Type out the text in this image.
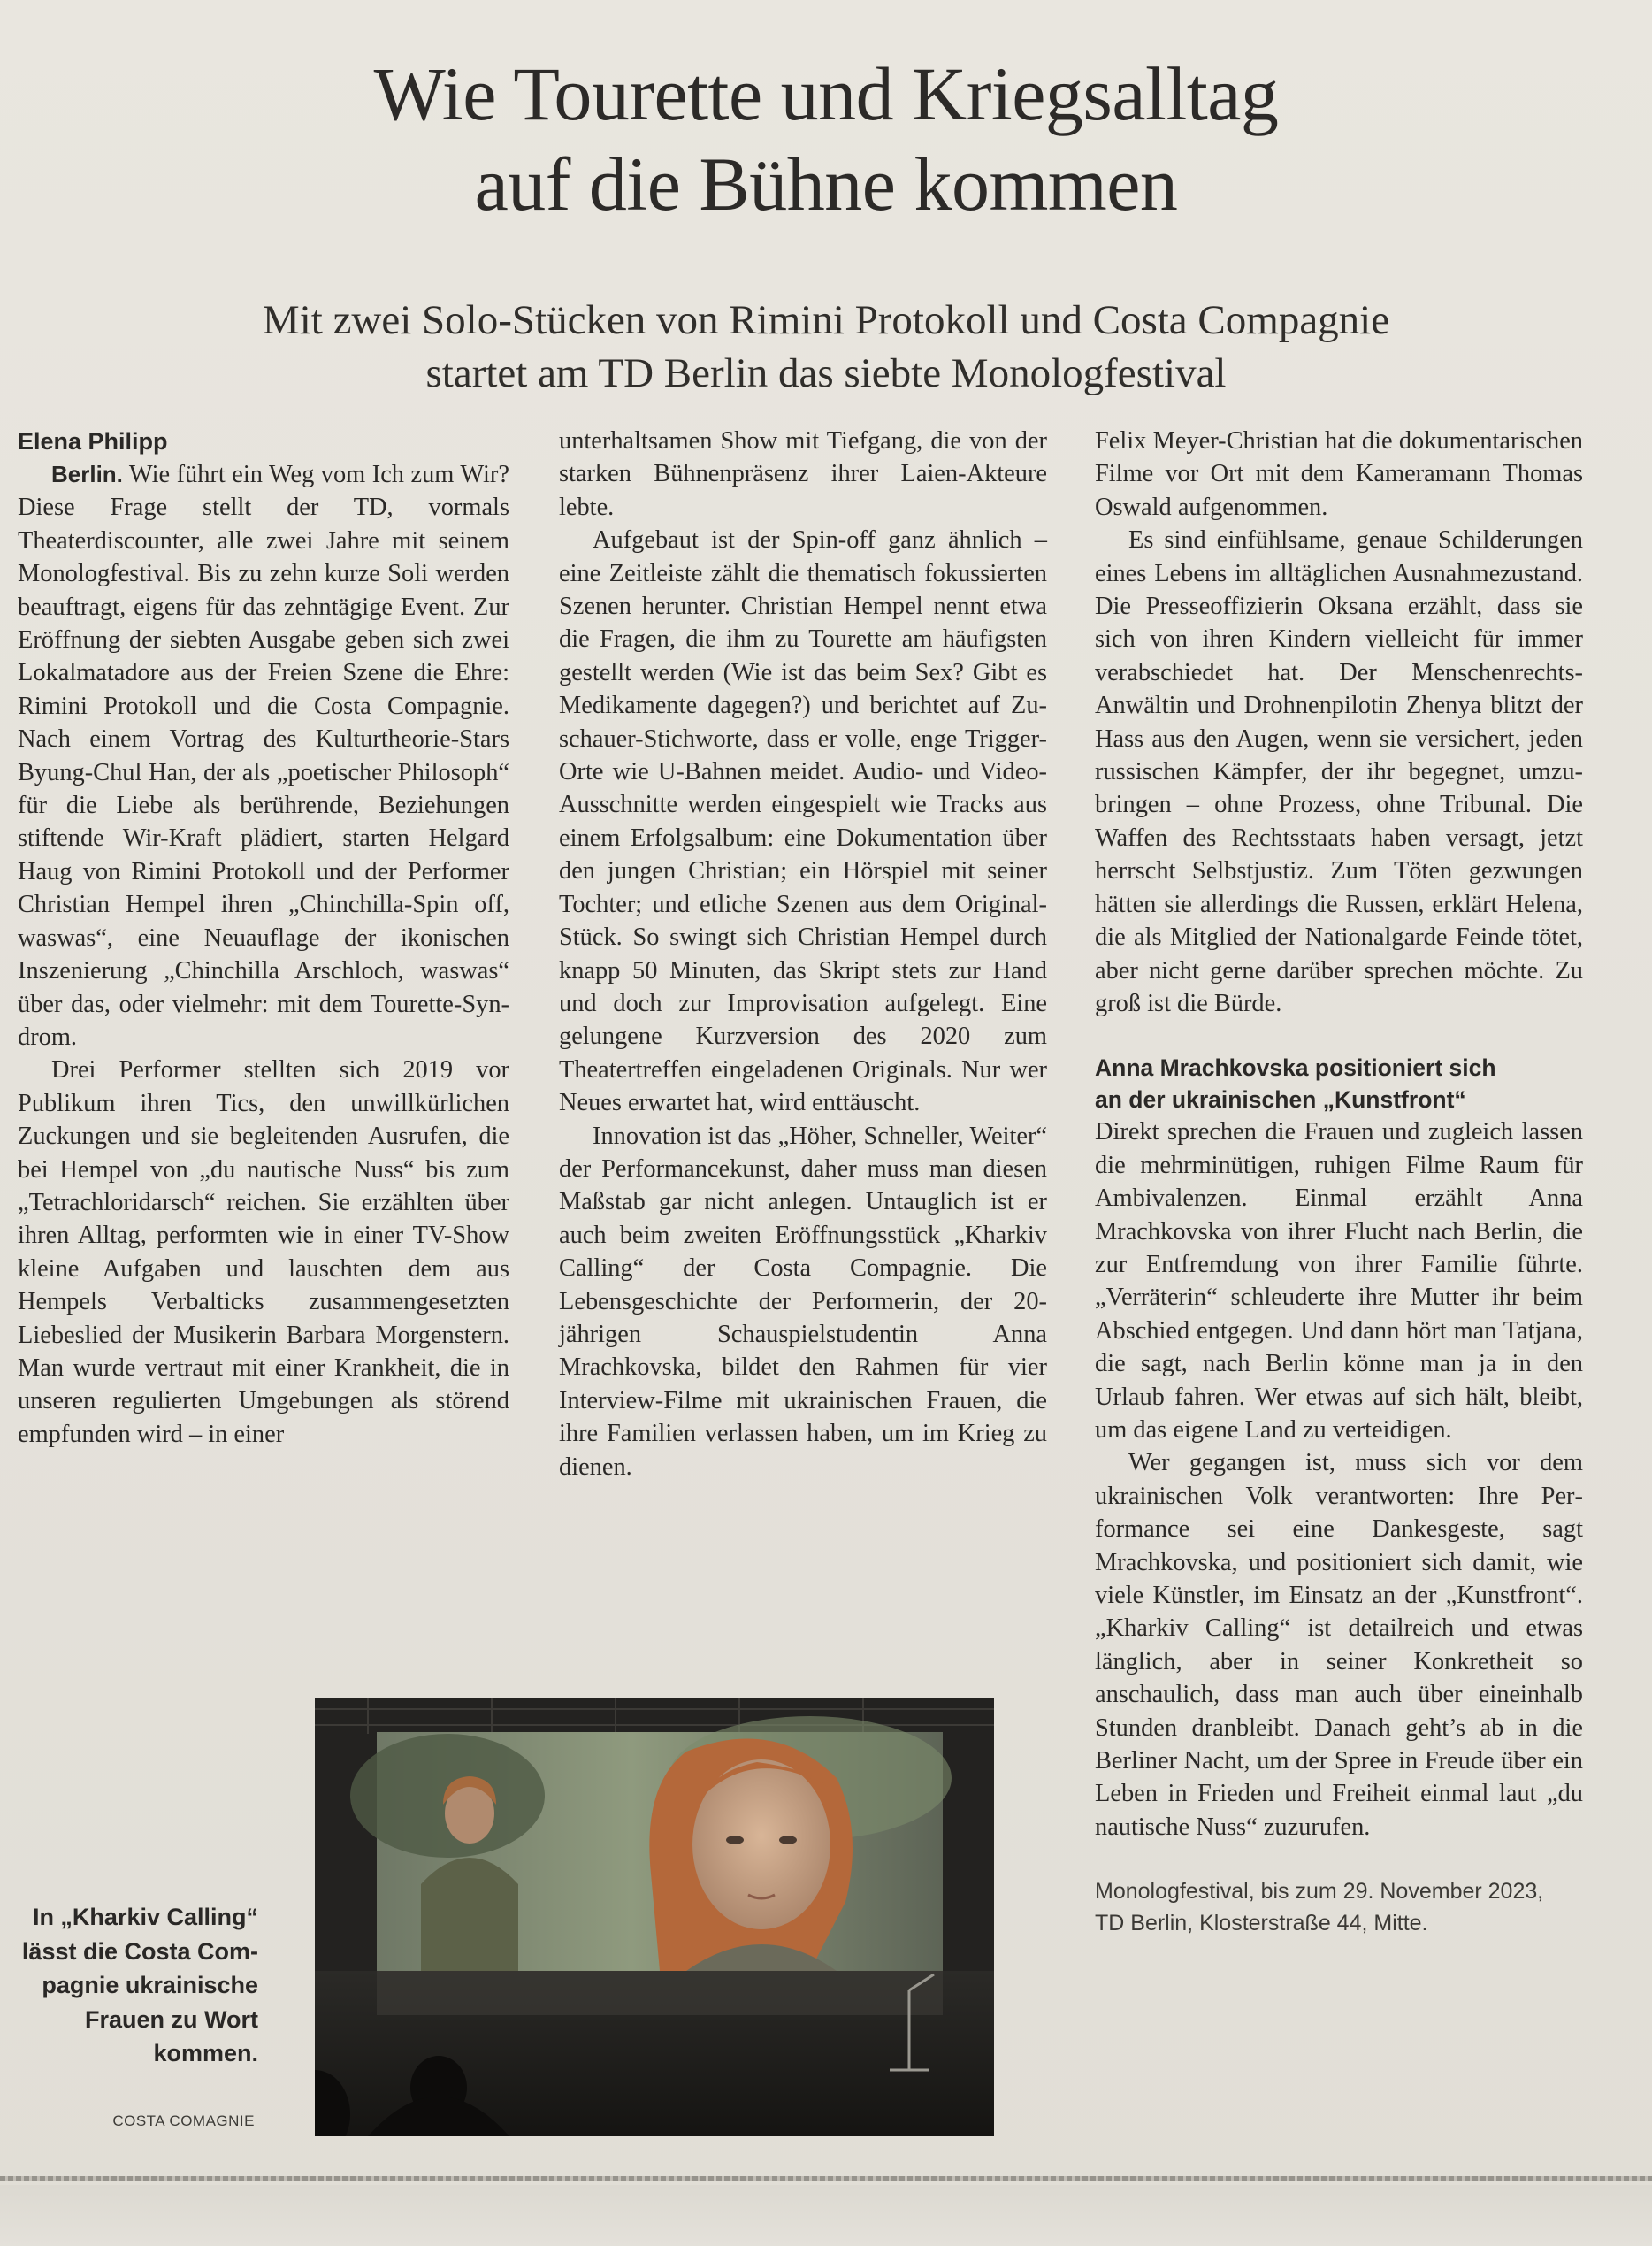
Wie Tourette und Kriegsalltag
auf die Bühne kommen
Mit zwei Solo-Stücken von Rimini Protokoll und Costa Compagnie
startet am TD Berlin das siebte Monologfestival

Elena Philipp

Berlin. Wie führt ein Weg vom Ich zum Wir? Diese Frage stellt der TD, vormals Theaterdiscounter, alle zwei Jahre mit seinem Monologfestival. Bis zu zehn kurze Soli werden beauftragt, eigens für das zehntägige Event. Zur Eröffnung der siebten Ausgabe geben sich zwei Lokalmatadore aus der Freien Szene die Ehre: Rimini Protokoll und die Costa Compagnie. Nach einem Vortrag des Kulturtheorie-Stars Byung-Chul Han, der als „poetischer Philosoph“ für die Liebe als berührende, Beziehungen stiftende Wir-Kraft plädiert, starten Helgard Haug von Rimini Protokoll und der Performer Christian Hempel ihren „Chinchilla-Spin off, waswas“, eine Neuauflage der ikonischen Inszenierung „Chinchilla Arschloch, waswas“ über das, oder vielmehr: mit dem Tourette-Syndrom.

Drei Performer stellten sich 2019 vor Publikum ihren Tics, den unwillkürlichen Zuckungen und sie begleitenden Ausrufen, die bei Hempel von „du nautische Nuss“ bis zum „Tetrachloridarsch“ reichen. Sie erzählten über ihren Alltag, performten wie in einer TV-Show kleine Aufgaben und lauschten dem aus Hempels Verbalticks zusammengesetzten Liebeslied der Musikerin Barbara Morgenstern. Man wurde vertraut mit einer Krankheit, die in unseren regulierten Umgebungen als störend empfunden wird – in einer

unterhaltsamen Show mit Tiefgang, die von der starken Bühnenpräsenz ihrer Laien-Akteure lebte.

Aufgebaut ist der Spin-off ganz ähnlich – eine Zeitleiste zählt die thematisch fokussierten Szenen herunter. Christian Hempel nennt etwa die Fragen, die ihm zu Tourette am häufigsten gestellt werden (Wie ist das beim Sex? Gibt es Medikamente dagegen?) und berichtet auf Zuschauer-Stichworte, dass er volle, enge Trigger-Orte wie U-Bahnen meidet. Audio- und Video-Ausschnitte werden eingespielt wie Tracks aus einem Erfolgsalbum: eine Dokumentation über den jungen Christian; ein Hörspiel mit seiner Tochter; und etliche Szenen aus dem Original-Stück. So swingt sich Christian Hempel durch knapp 50 Minuten, das Skript stets zur Hand und doch zur Improvisation aufgelegt. Eine gelungene Kurzversion des 2020 zum Theatertreffen eingeladenen Originals. Nur wer Neues erwartet hat, wird enttäuscht.

Innovation ist das „Höher, Schneller, Weiter“ der Performancekunst, daher muss man diesen Maßstab gar nicht anlegen. Untauglich ist er auch beim zweiten Eröffnungsstück „Kharkiv Calling“ der Costa Compagnie. Die Lebensgeschichte der Performerin, der 20-jährigen Schauspielstudentin Anna Mrachkovska, bildet den Rahmen für vier Interview-Filme mit ukrainischen Frauen, die ihre Familien verlassen haben, um im Krieg zu dienen.

Felix Meyer-Christian hat die dokumentarischen Filme vor Ort mit dem Kameramann Thomas Oswald aufgenommen.

Es sind einfühlsame, genaue Schilderungen eines Lebens im alltäglichen Ausnahmezustand. Die Presseoffizierin Oksana erzählt, dass sie sich von ihren Kindern vielleicht für immer verabschiedet hat. Der Menschenrechts-Anwältin und Drohnenpilotin Zhenya blitzt der Hass aus den Augen, wenn sie versichert, jeden russischen Kämpfer, der ihr begegnet, umzubringen – ohne Prozess, ohne Tribunal. Die Waffen des Rechtsstaats haben versagt, jetzt herrscht Selbstjustiz. Zum Töten gezwungen hätten sie allerdings die Russen, erklärt Helena, die als Mitglied der Nationalgarde Feinde tötet, aber nicht gerne darüber sprechen möchte. Zu groß ist die Bürde.

Anna Mrachkovska positioniert sich
an der ukrainischen „Kunstfront“

Direkt sprechen die Frauen und zugleich lassen die mehrminütigen, ruhigen Filme Raum für Ambivalenzen. Einmal erzählt Anna Mrachkovska von ihrer Flucht nach Berlin, die zur Entfremdung von ihrer Familie führte. „Verräterin“ schleuderte ihre Mutter ihr beim Abschied entgegen. Und dann hört man Tatjana, die sagt, nach Berlin könne man ja in den Urlaub fahren. Wer etwas auf sich hält, bleibt, um das eigene Land zu verteidigen.

Wer gegangen ist, muss sich vor dem ukrainischen Volk verantworten: Ihre Performance sei eine Dankesgeste, sagt Mrachkovska, und positioniert sich damit, wie viele Künstler, im Einsatz an der „Kunstfront“. „Kharkiv Calling“ ist detailreich und etwas länglich, aber in seiner Konkretheit so anschaulich, dass man auch über eineinhalb Stunden dranbleibt. Danach geht’s ab in die Berliner Nacht, um der Spree in Freude über ein Leben in Frieden und Freiheit einmal laut „du nautische Nuss“ zuzurufen.

Monologfestival, bis zum 29. November 2023,
TD Berlin, Klosterstraße 44, Mitte.
In „Kharkiv Calling“ lässt die Costa Compagnie ukrainische Frauen zu Wort kommen.
COSTA COMAGNIE
